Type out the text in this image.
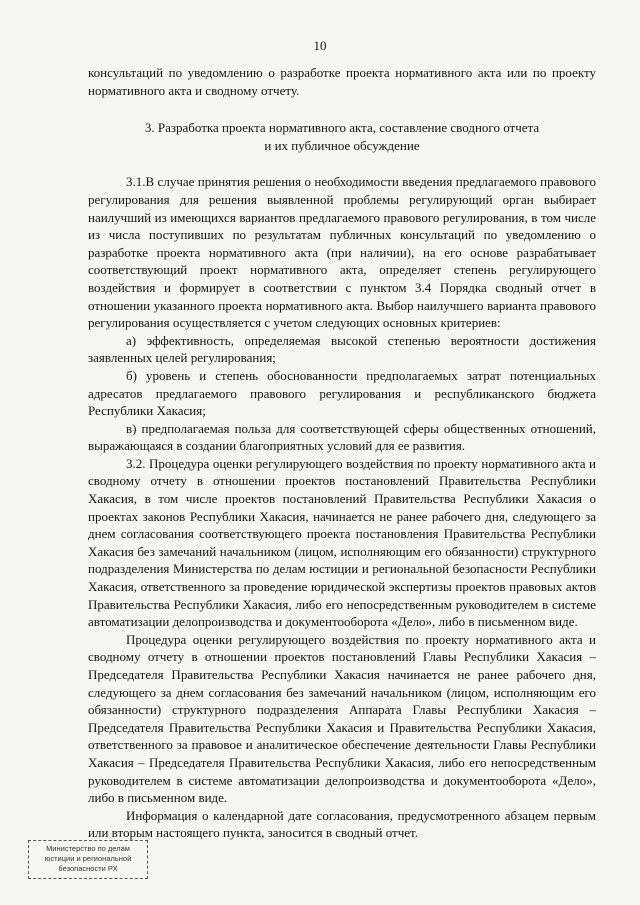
10

консультаций по уведомлению о разработке проекта нормативного акта или по проекту нормативного акта и сводному отчету.

3. Разработка проекта нормативного акта, составление сводного отчета
и их публичное обсуждение

3.1.В случае принятия решения о необходимости введения предлагаемого правового регулирования для решения выявленной проблемы регулирующий орган выбирает наилучший из имеющихся вариантов предлагаемого правового регулирования, в том числе из числа поступивших по результатам публичных консультаций по уведомлению о разработке проекта нормативного акта (при наличии), на его основе разрабатывает соответствующий проект нормативного акта, определяет степень регулирующего воздействия и формирует в соответствии с пунктом 3.4 Порядка сводный отчет в отношении указанного проекта нормативного акта. Выбор наилучшего варианта правового регулирования осуществляется с учетом следующих основных критериев:

а) эффективность, определяемая высокой степенью вероятности достижения заявленных целей регулирования;

б) уровень и степень обоснованности предполагаемых затрат потенциальных адресатов предлагаемого правового регулирования и республиканского бюджета Республики Хакасия;

в) предполагаемая польза для соответствующей сферы общественных отношений, выражающаяся в создании благоприятных условий для ее развития.

3.2. Процедура оценки регулирующего воздействия по проекту нормативного акта и сводному отчету в отношении проектов постановлений Правительства Республики Хакасия, в том числе проектов постановлений Правительства Республики Хакасия о проектах законов Республики Хакасия, начинается не ранее рабочего дня, следующего за днем согласования соответствующего проекта постановления Правительства Республики Хакасия без замечаний начальником (лицом, исполняющим его обязанности) структурного подразделения Министерства по делам юстиции и региональной безопасности Республики Хакасия, ответственного за проведение юридической экспертизы проектов правовых актов Правительства Республики Хакасия, либо его непосредственным руководителем в системе автоматизации делопроизводства и документооборота «Дело», либо в письменном виде.

Процедура оценки регулирующего воздействия по проекту нормативного акта и сводному отчету в отношении проектов постановлений Главы Республики Хакасия – Председателя Правительства Республики Хакасия начинается не ранее рабочего дня, следующего за днем согласования без замечаний начальником (лицом, исполняющим его обязанности) структурного подразделения Аппарата Главы Республики Хакасия – Председателя Правительства Республики Хакасия и Правительства Республики Хакасия, ответственного за правовое и аналитическое обеспечение деятельности Главы Республики Хакасия – Председателя Правительства Республики Хакасия, либо его непосредственным руководителем в системе автоматизации делопроизводства и документооборота «Дело», либо в письменном виде.

Информация о календарной дате согласования, предусмотренного абзацем первым или вторым настоящего пункта, заносится в сводный отчет.

Министерство по делам
юстиции и региональной
безопасности РХ
